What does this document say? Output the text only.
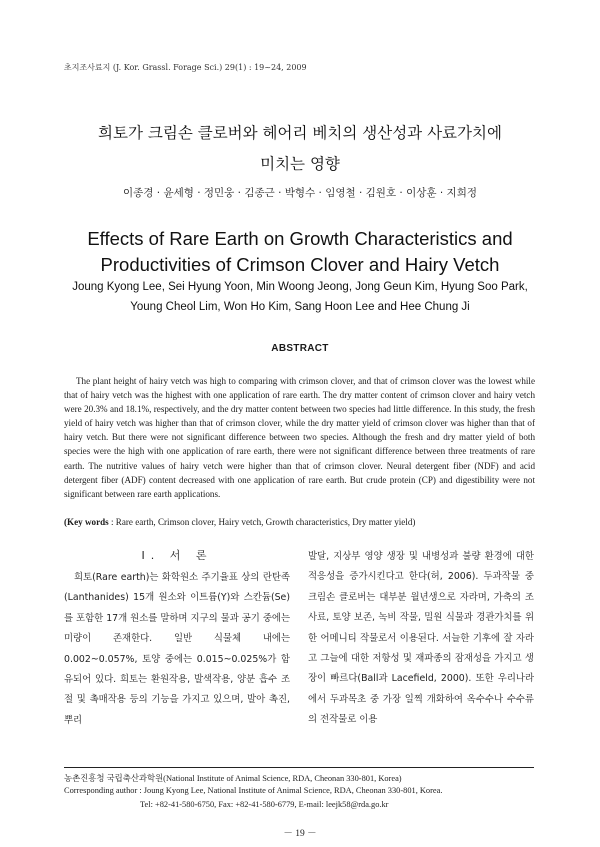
초지조사료지 (J. Kor. Grassl. Forage Sci.) 29(1) : 19~24, 2009
희토가 크림손 클로버와 헤어리 베치의 생산성과 사료가치에
미치는 영향
이종경 · 윤세형 · 정민웅 · 김종근 · 박형수 · 임영철 · 김원호 · 이상훈 · 지희정
Effects of Rare Earth on Growth Characteristics and
Productivities of Crimson Clover and Hairy Vetch
Joung Kyong Lee, Sei Hyung Yoon, Min Woong Jeong, Jong Geun Kim, Hyung Soo Park,
Young Cheol Lim, Won Ho Kim, Sang Hoon Lee and Hee Chung Ji
ABSTRACT
The plant height of hairy vetch was high to comparing with crimson clover, and that of crimson clover was the lowest while that of hairy vetch was the highest with one application of rare earth. The dry matter content of crimson clover and hairy vetch were 20.3% and 18.1%, respectively, and the dry matter content between two species had little difference. In this study, the fresh yield of hairy vetch was higher than that of crimson clover, while the dry matter yield of crimson clover was higher than that of hairy vetch. But there were not significant difference between two species. Although the fresh and dry matter yield of both species were the high with one application of rare earth, there were not significant difference between three treatments of rare earth. The nutritive values of hairy vetch were higher than that of crimson clover. Neural detergent fiber (NDF) and acid detergent fiber (ADF) content decreased with one application of rare earth. But crude protein (CP) and digestibility were not significant between rare earth applications.
(Key words : Rare earth, Crimson clover, Hairy vetch, Growth characteristics, Dry matter yield)
I. 서 론
희토(Rare earth)는 화학원소 주기율표 상의 란탄족(Lanthanides) 15개 원소와 이트륨(Y)와 스칸듐(Se)를 포함한 17개 원소를 말하며 지구의 물과 공기 중에는 미량이 존재한다. 일반 식물체 내에는 0.002~0.057%, 토양 중에는 0.015~0.025%가 함유되어 있다. 희토는 환원작용, 발색작용, 양분 흡수 조절 및 촉매작용 등의 기능을 가지고 있으며, 발아 촉진, 뿌리
발달, 지상부 영양 생장 및 내병성과 불량 환경에 대한 적응성을 증가시킨다고 한다(허, 2006). 두과작물 중 크림손 클로버는 대부분 월년생으로 자라며, 가축의 조사료, 토양 보존, 녹비 작물, 밀원 식물과 경관가치를 위한 어메니티 작물로서 이용된다. 서늘한 기후에 잘 자라고 그늘에 대한 저항성 및 재파종의 잠재성을 가지고 생장이 빠르다(Ball과 Lacefield, 2000). 또한 우리나라에서 두과목초 중 가장 일찍 개화하여 옥수수나 수수류의 전작물로 이용
농촌진흥청 국립축산과학원(National Institute of Animal Science, RDA, Cheonan 330-801, Korea)
Corresponding author : Joung Kyong Lee, National Institute of Animal Science, RDA, Cheonan 330-801, Korea.
Tel: +82-41-580-6750, Fax: +82-41-580-6779, E-mail: leejk58@rda.go.kr
－ 19 －
